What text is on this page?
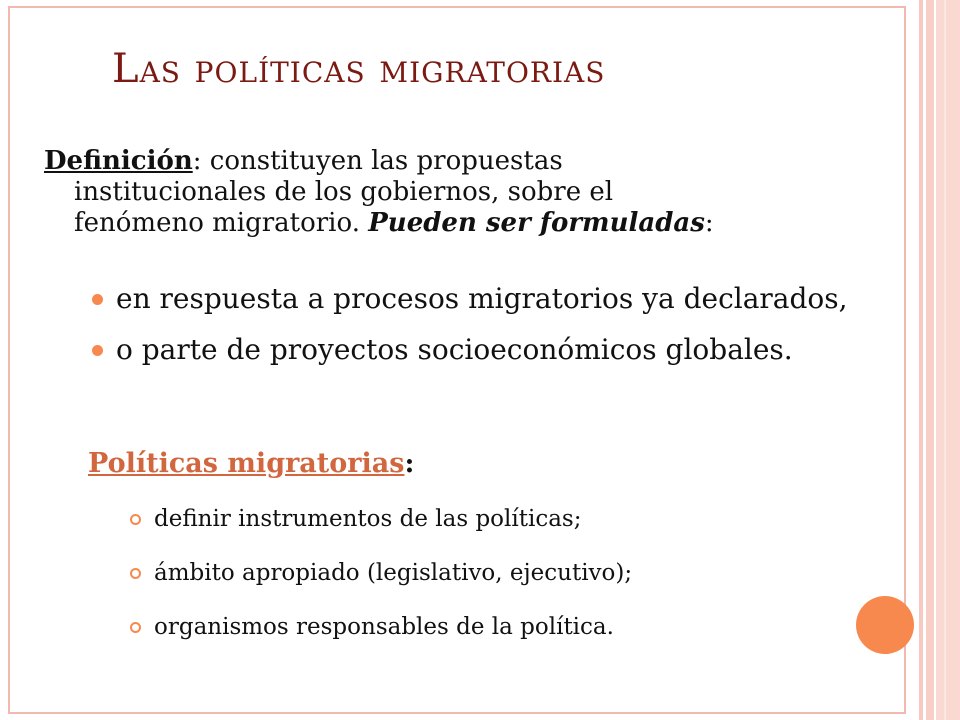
Las políticas migratorias
Definición: constituyen las propuestas
institucionales de los gobiernos, sobre el
fenómeno migratorio. Pueden ser formuladas:
en respuesta a procesos migratorios ya declarados,
o parte de proyectos socioeconómicos globales.
Políticas migratorias:
definir instrumentos de las políticas;
ámbito apropiado (legislativo, ejecutivo);
organismos responsables de la política.
